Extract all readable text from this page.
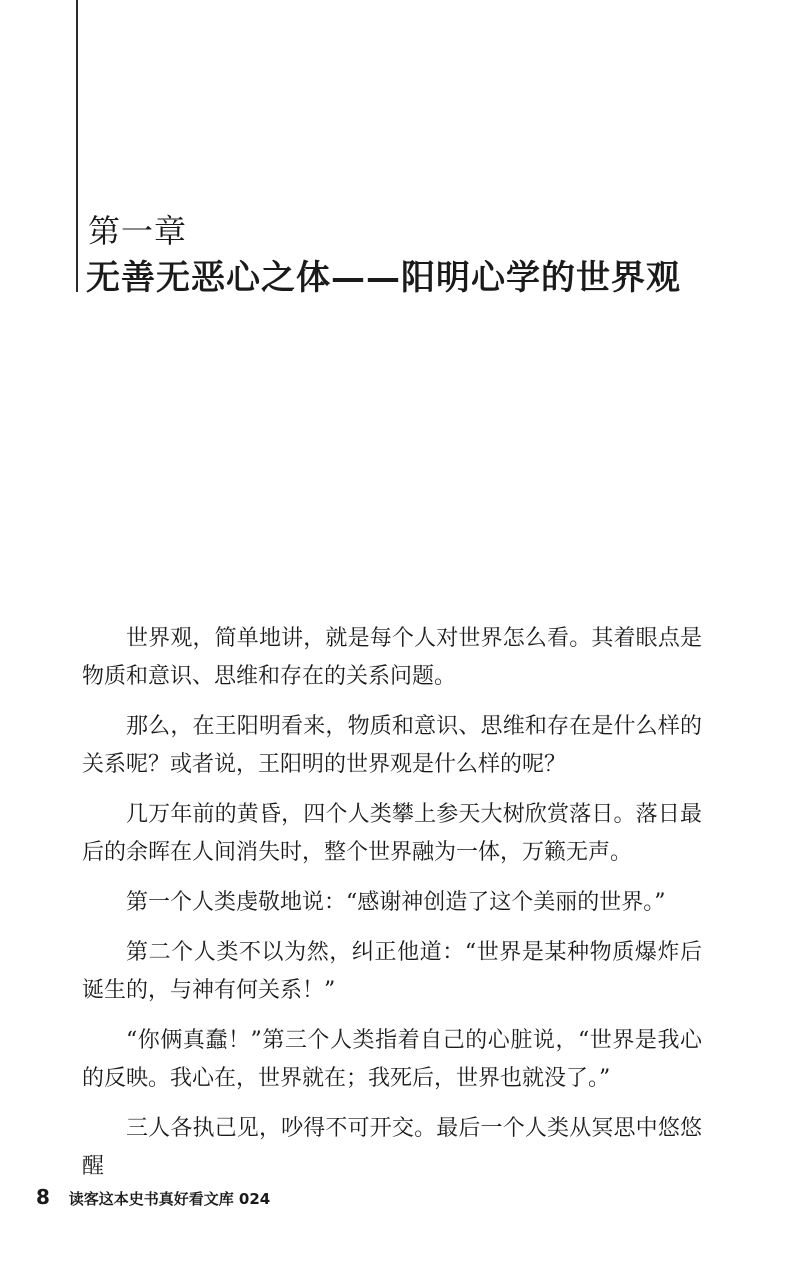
第一章
无善无恶心之体——阳明心学的世界观

世界观，简单地讲，就是每个人对世界怎么看。其着眼点是物质和意识、思维和存在的关系问题。

那么，在王阳明看来，物质和意识、思维和存在是什么样的关系呢？或者说，王阳明的世界观是什么样的呢？

几万年前的黄昏，四个人类攀上参天大树欣赏落日。落日最后的余晖在人间消失时，整个世界融为一体，万籁无声。

第一个人类虔敬地说：“感谢神创造了这个美丽的世界。”

第二个人类不以为然，纠正他道：“世界是某种物质爆炸后诞生的，与神有何关系！”

“你俩真蠢！”第三个人类指着自己的心脏说，“世界是我心的反映。我心在，世界就在；我死后，世界也就没了。”

三人各执己见，吵得不可开交。最后一个人类从冥思中悠悠醒

8 读客这本史书真好看文库 024
